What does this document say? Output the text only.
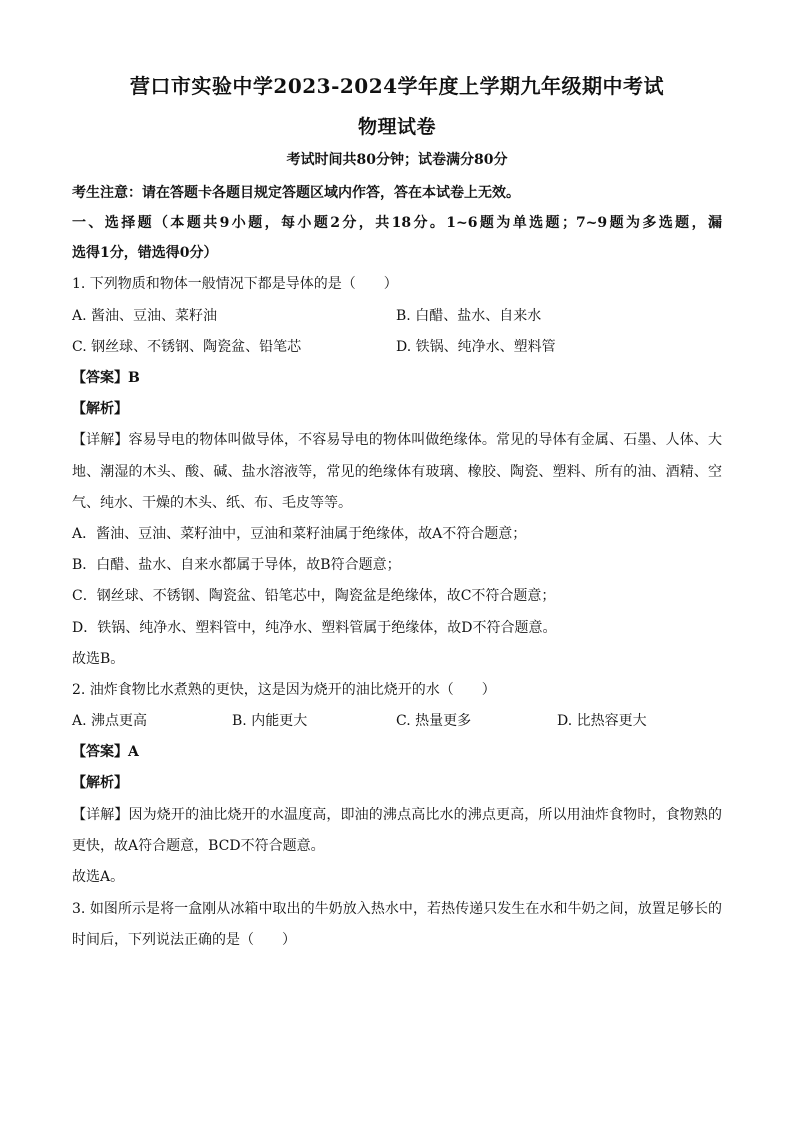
营口市实验中学2023-2024学年度上学期九年级期中考试
物理试卷
考试时间共80分钟；试卷满分80分
考生注意：请在答题卡各题目规定答题区域内作答，答在本试卷上无效。
一、选择题（本题共9小题，每小题2分，共18分。1~6题为单选题；7~9题为多选题，漏
选得1分，错选得0分）
1. 下列物质和物体一般情况下都是导体的是（　　）
A. 酱油、豆油、菜籽油	B. 白醋、盐水、自来水
C. 钢丝球、不锈钢、陶瓷盆、铅笔芯	D. 铁锅、纯净水、塑料管
【答案】B
【解析】
【详解】容易导电的物体叫做导体，不容易导电的物体叫做绝缘体。常见的导体有金属、石墨、人体、大
地、潮湿的木头、酸、碱、盐水溶液等，常见的绝缘体有玻璃、橡胶、陶瓷、塑料、所有的油、酒精、空
气、纯水、干燥的木头、纸、布、毛皮等等。
A．酱油、豆油、菜籽油中，豆油和菜籽油属于绝缘体，故A不符合题意；
B．白醋、盐水、自来水都属于导体，故B符合题意；
C．钢丝球、不锈钢、陶瓷盆、铅笔芯中，陶瓷盆是绝缘体，故C不符合题意；
D．铁锅、纯净水、塑料管中，纯净水、塑料管属于绝缘体，故D不符合题意。
故选B。
2. 油炸食物比水煮熟的更快，这是因为烧开的油比烧开的水（　　）
A. 沸点更高	B. 内能更大	C. 热量更多	D. 比热容更大
【答案】A
【解析】
【详解】因为烧开的油比烧开的水温度高，即油的沸点高比水的沸点更高，所以用油炸食物时，食物熟的
更快，故A符合题意，BCD不符合题意。
故选A。
3. 如图所示是将一盒刚从冰箱中取出的牛奶放入热水中，若热传递只发生在水和牛奶之间，放置足够长的
时间后，下列说法正确的是（　　）
